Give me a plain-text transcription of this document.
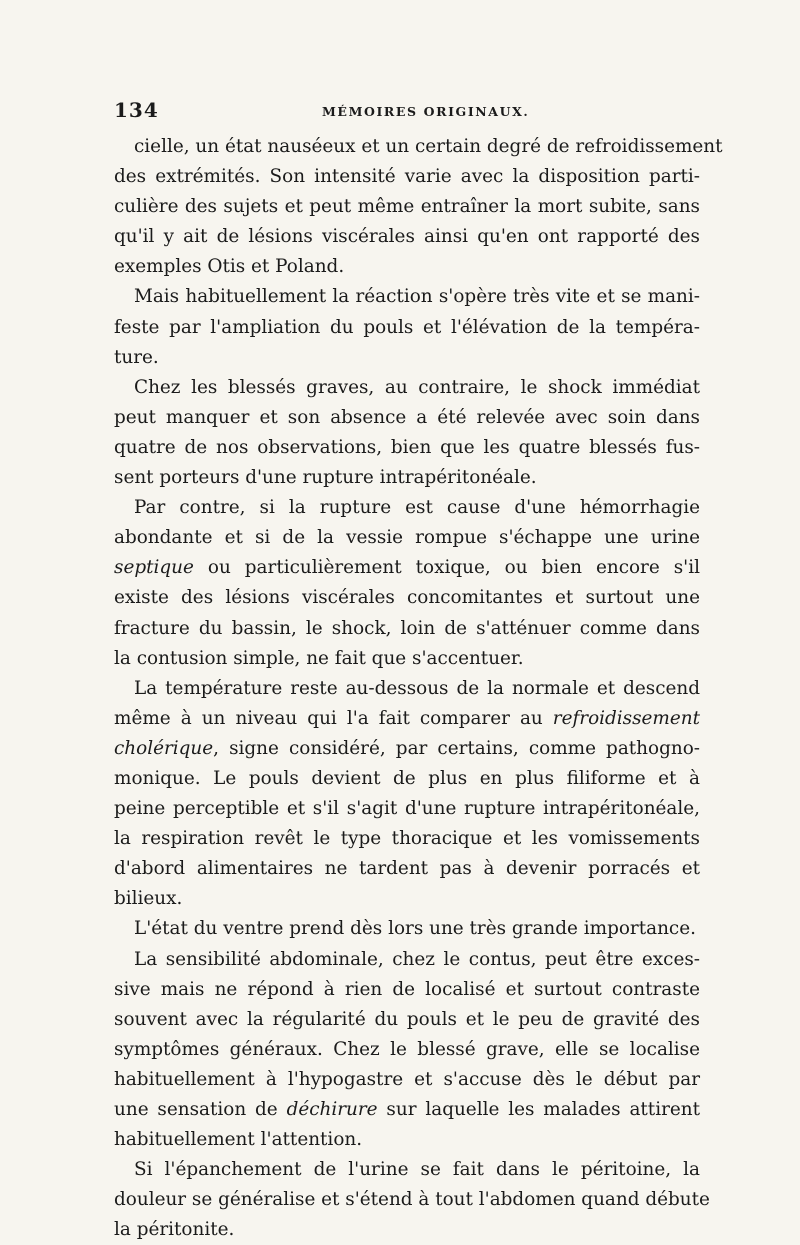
134	MÉMOIRES ORIGINAUX.
cielle, un état nauséeux et un certain degré de refroidissement
des extrémités. Son intensité varie avec la disposition parti-
culière des sujets et peut même entraîner la mort subite, sans
qu'il y ait de lésions viscérales ainsi qu'en ont rapporté des
exemples Otis et Poland.
Mais habituellement la réaction s'opère très vite et se mani-
feste par l'ampliation du pouls et l'élévation de la tempéra-
ture.
Chez les blessés graves, au contraire, le shock immédiat
peut manquer et son absence a été relevée avec soin dans
quatre de nos observations, bien que les quatre blessés fus-
sent porteurs d'une rupture intrapéritonéale.
Par contre, si la rupture est cause d'une hémorrhagie
abondante et si de la vessie rompue s'échappe une urine
septique ou particulièrement toxique, ou bien encore s'il
existe des lésions viscérales concomitantes et surtout une
fracture du bassin, le shock, loin de s'atténuer comme dans
la contusion simple, ne fait que s'accentuer.
La température reste au-dessous de la normale et descend
même à un niveau qui l'a fait comparer au refroidissement
cholérique, signe considéré, par certains, comme pathogno-
monique. Le pouls devient de plus en plus filiforme et à
peine perceptible et s'il s'agit d'une rupture intrapéritonéale,
la respiration revêt le type thoracique et les vomissements
d'abord alimentaires ne tardent pas à devenir porracés et
bilieux.
L'état du ventre prend dès lors une très grande importance.
La sensibilité abdominale, chez le contus, peut être exces-
sive mais ne répond à rien de localisé et surtout contraste
souvent avec la régularité du pouls et le peu de gravité des
symptômes généraux. Chez le blessé grave, elle se localise
habituellement à l'hypogastre et s'accuse dès le début par
une sensation de déchirure sur laquelle les malades attirent
habituellement l'attention.
Si l'épanchement de l'urine se fait dans le péritoine, la
douleur se généralise et s'étend à tout l'abdomen quand débute
la péritonite.
